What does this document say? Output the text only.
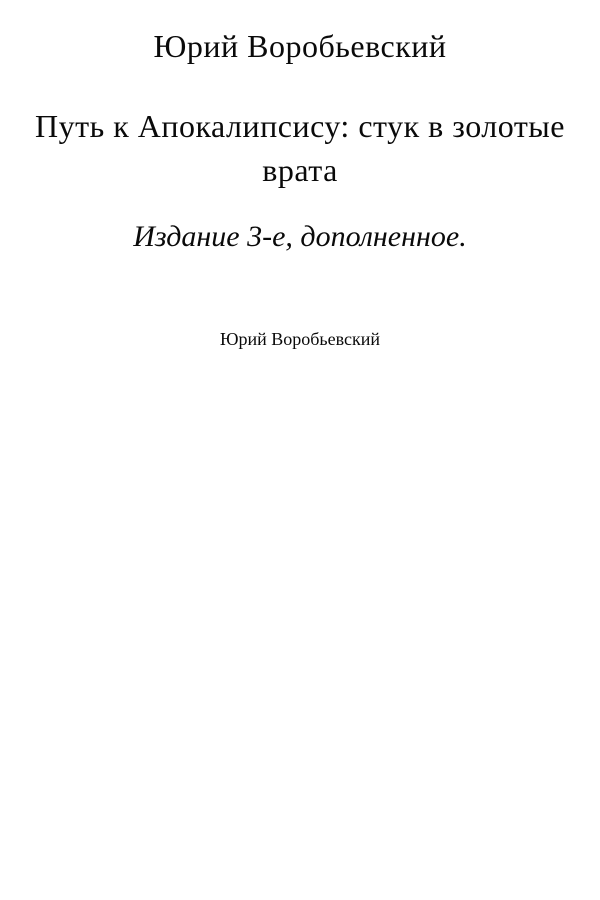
Юрий Воробьевский
Путь к Апокалипсису: стук в золотые врата

Издание 3-е, дополненное.

Юрий Воробьевский
